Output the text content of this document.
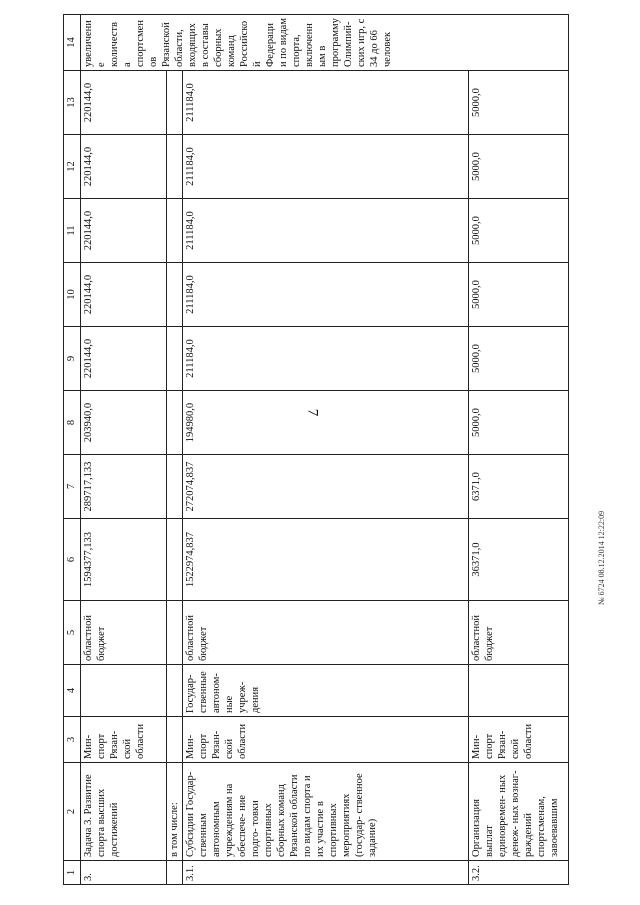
7
№ 6724 08.12.2014 12:22:09
1	2	3	4	5	6	7	8	9	10	11	12	13	14
3.	Задача 3. Развитие спорта высших достижений	Мин- спорт Рязан- ской области		областной бюджет	1594377,133	289717,133	203940,0	220144,0	220144,0	220144,0	220144,0	220144,0	увеличение количества спортсменов Рязанской области, входящих в составы сборных команд Российской Федерации по видам спорта, включенным в программу Олимпий- ских игр, с 34 до 66 человек
	в том числе:												
3.1.	Субсидии Государ- ственным автономным учреждениям на обеспече- ние подго- товки спортивных сборных команд Рязанской области по видам спорта и их участие в спортивных мероприятиях (государ- ственное задание)	Мин- спорт Рязан- ской области	Государ- ственные автоном- ные учреж- дения	областной бюджет	1522974,837	272074,837	194980,0	211184,0	211184,0	211184,0	211184,0	211184,0	
3.2.	Организация выплат единовремен- ных денеж- ных вознаг- раждений спортсменам, завоевавшим	Мин- спорт Рязан- ской области		областной бюджет	36371,0	6371,0	5000,0	5000,0	5000,0	5000,0	5000,0	5000,0	
